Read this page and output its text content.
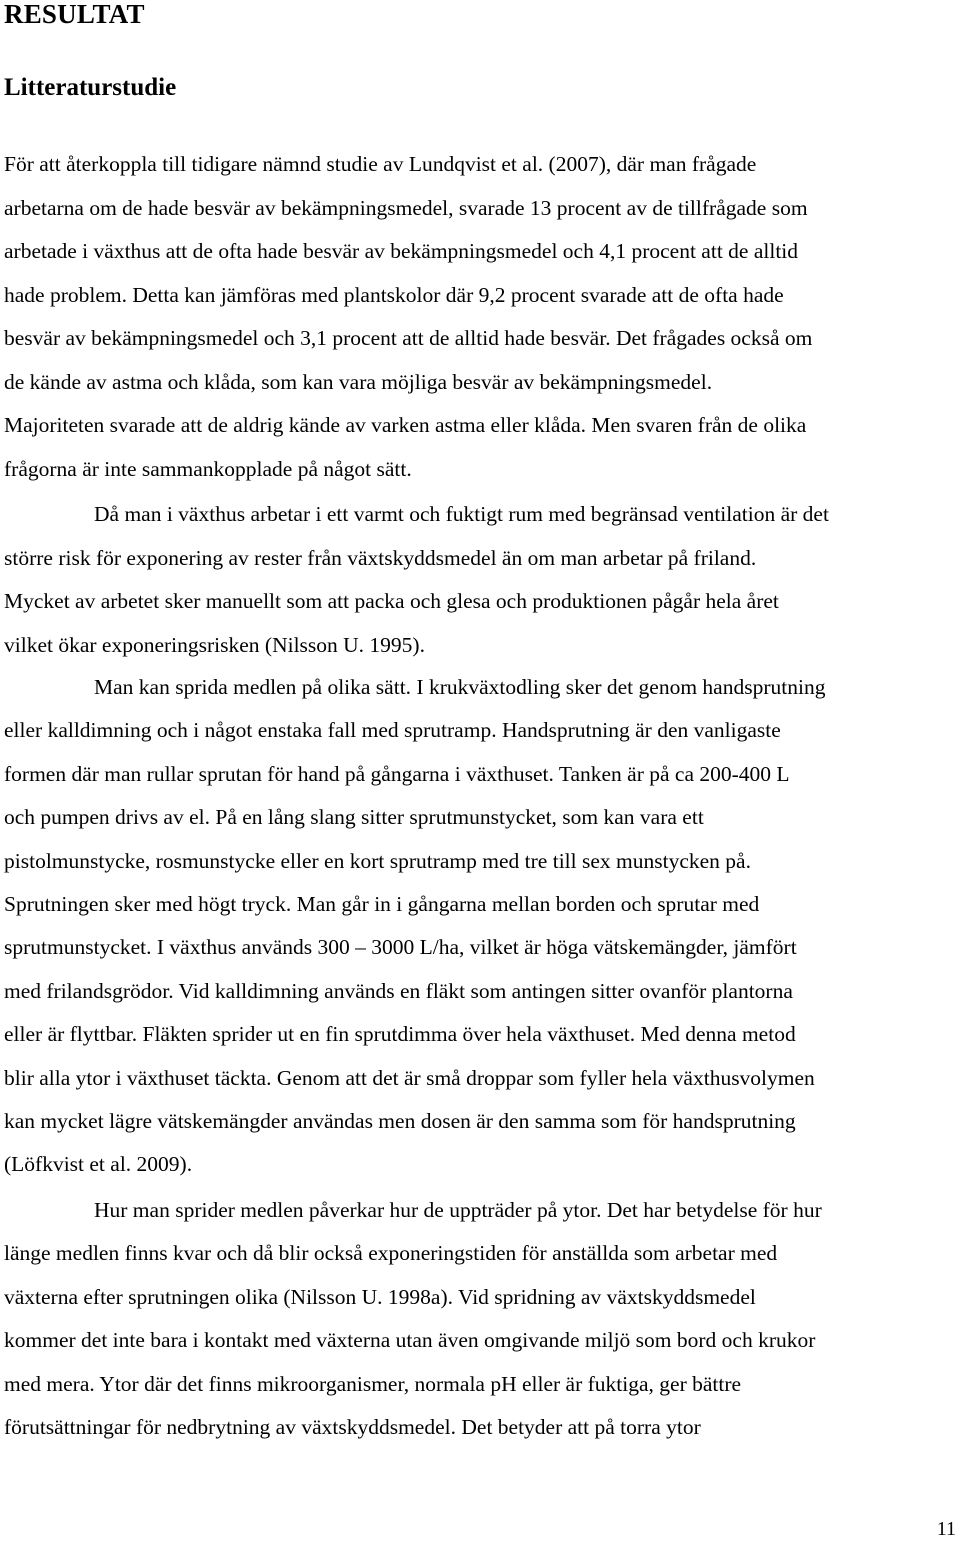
RESULTAT
Litteraturstudie

För att återkoppla till tidigare nämnd studie av Lundqvist et al. (2007), där man frågade
arbetarna om de hade besvär av bekämpningsmedel, svarade 13 procent av de tillfrågade som
arbetade i växthus att de ofta hade besvär av bekämpningsmedel och 4,1 procent att de alltid
hade problem. Detta kan jämföras med plantskolor där 9,2 procent svarade att de ofta hade
besvär av bekämpningsmedel och 3,1 procent att de alltid hade besvär. Det frågades också om
de kände av astma och klåda, som kan vara möjliga besvär av bekämpningsmedel.
Majoriteten svarade att de aldrig kände av varken astma eller klåda. Men svaren från de olika
frågorna är inte sammankopplade på något sätt.

Då man i växthus arbetar i ett varmt och fuktigt rum med begränsad ventilation är det
större risk för exponering av rester från växtskyddsmedel än om man arbetar på friland.
Mycket av arbetet sker manuellt som att packa och glesa och produktionen pågår hela året
vilket ökar exponeringsrisken (Nilsson U. 1995).

Man kan sprida medlen på olika sätt. I krukväxtodling sker det genom handsprutning
eller kalldimning och i något enstaka fall med sprutramp. Handsprutning är den vanligaste
formen där man rullar sprutan för hand på gångarna i växthuset. Tanken är på ca 200-400 L
och pumpen drivs av el. På en lång slang sitter sprutmunstycket, som kan vara ett
pistolmunstycke, rosmunstycke eller en kort sprutramp med tre till sex munstycken på.
Sprutningen sker med högt tryck. Man går in i gångarna mellan borden och sprutar med
sprutmunstycket. I växthus används 300 – 3000 L/ha, vilket är höga vätskemängder, jämfört
med frilandsgrödor. Vid kalldimning används en fläkt som antingen sitter ovanför plantorna
eller är flyttbar. Fläkten sprider ut en fin sprutdimma över hela växthuset. Med denna metod
blir alla ytor i växthuset täckta. Genom att det är små droppar som fyller hela växthusvolymen
kan mycket lägre vätskemängder användas men dosen är den samma som för handsprutning
(Löfkvist et al. 2009).

Hur man sprider medlen påverkar hur de uppträder på ytor. Det har betydelse för hur
länge medlen finns kvar och då blir också exponeringstiden för anställda som arbetar med
växterna efter sprutningen olika (Nilsson U. 1998a). Vid spridning av växtskyddsmedel
kommer det inte bara i kontakt med växterna utan även omgivande miljö som bord och krukor
med mera. Ytor där det finns mikroorganismer, normala pH eller är fuktiga, ger bättre
förutsättningar för nedbrytning av växtskyddsmedel. Det betyder att på torra ytor

11
